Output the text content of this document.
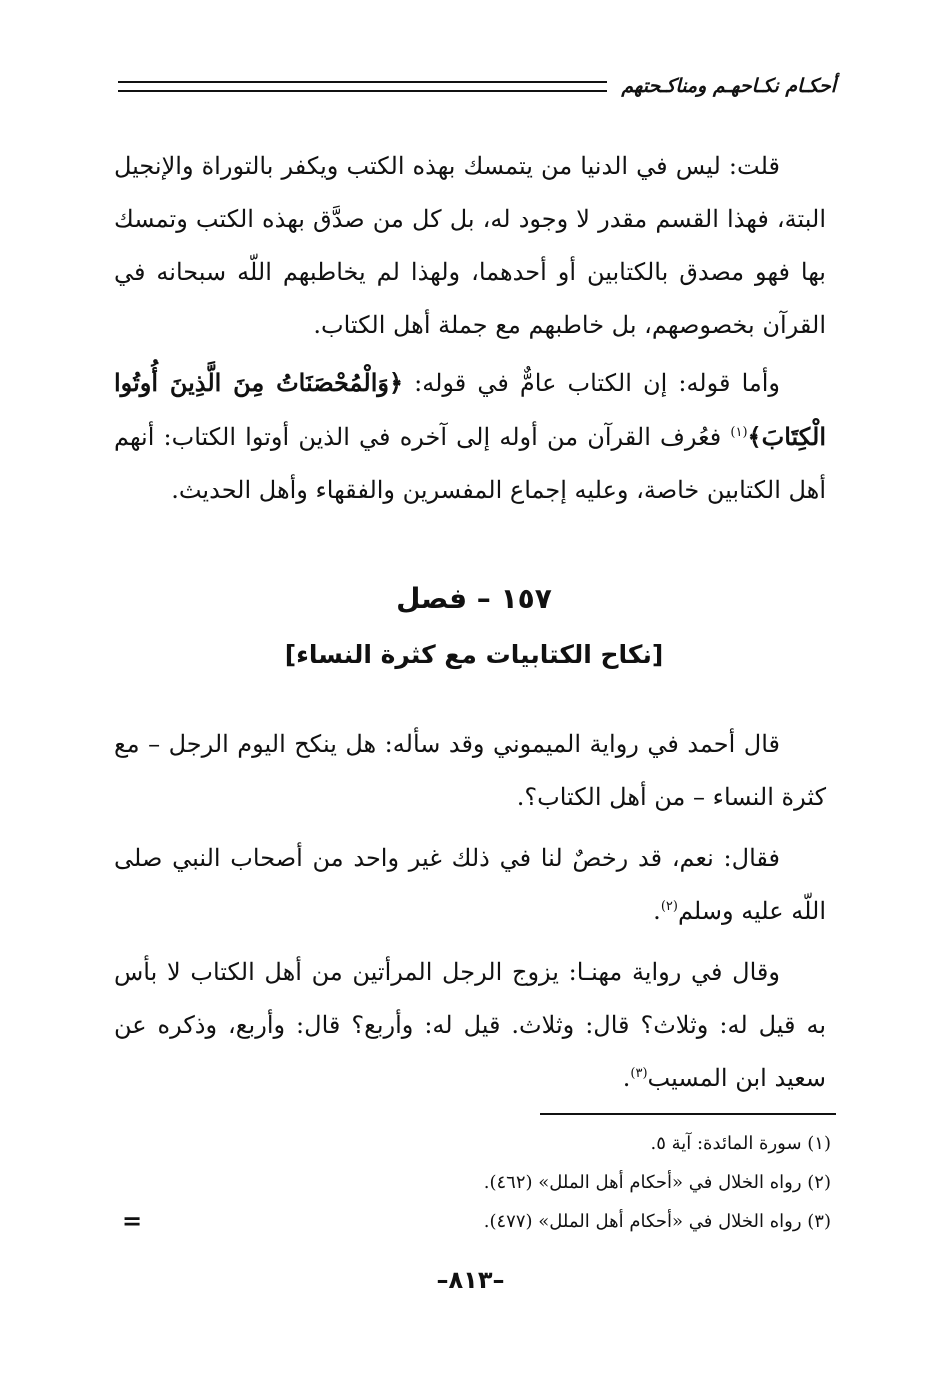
أحكـام نكـاحهـم ومناكـحتهم

قلت: ليس في الدنيا من يتمسك بهذه الكتب ويكفر بالتوراة والإنجيل البتة، فهذا القسم مقدر لا وجود له، بل كل من صدَّق بهذه الكتب وتمسك بها فهو مصدق بالكتابين أو أحدهما، ولهذا لم يخاطبهم اللّه سبحانه في القرآن بخصوصهم، بل خاطبهم مع جملة أهل الكتاب.

وأما قوله: إن الكتاب عامٌّ في قوله: ﴿وَالْمُحْصَنَاتُ مِنَ الَّذِينَ أُوتُوا الْكِتَابَ﴾$^{(١)}$ فعُرف القرآن من أوله إلى آخره في الذين أوتوا الكتاب: أنهم أهل الكتابين خاصة، وعليه إجماع المفسرين والفقهاء وأهل الحديث.

١٥٧ – فصل
[نكاح الكتابيات مع كثرة النساء]

قال أحمد في رواية الميموني وقد سأله: هل ينكح اليوم الرجل – مع كثرة النساء – من أهل الكتاب؟.

فقال: نعم، قد رخصٌ لنا في ذلك غير واحد من أصحاب النبي صلى اللّه عليه وسلم$^{(٢)}$.

وقال في رواية مهنـا: يزوج الرجل المرأتين من أهل الكتاب لا بأس به قيل له: وثلاث؟ قال: وثلاث. قيل له: وأربع؟ قال: وأربع، وذكره عن سعيد ابن المسيب$^{(٣)}$.

(١) سورة المائدة: آية ٥.
(٢) رواه الخلال في «أحكام أهل الملل» (٤٦٢).
(٣) رواه الخلال في «أحكام أهل الملل» (٤٧٧).
=
–٨١٣–
